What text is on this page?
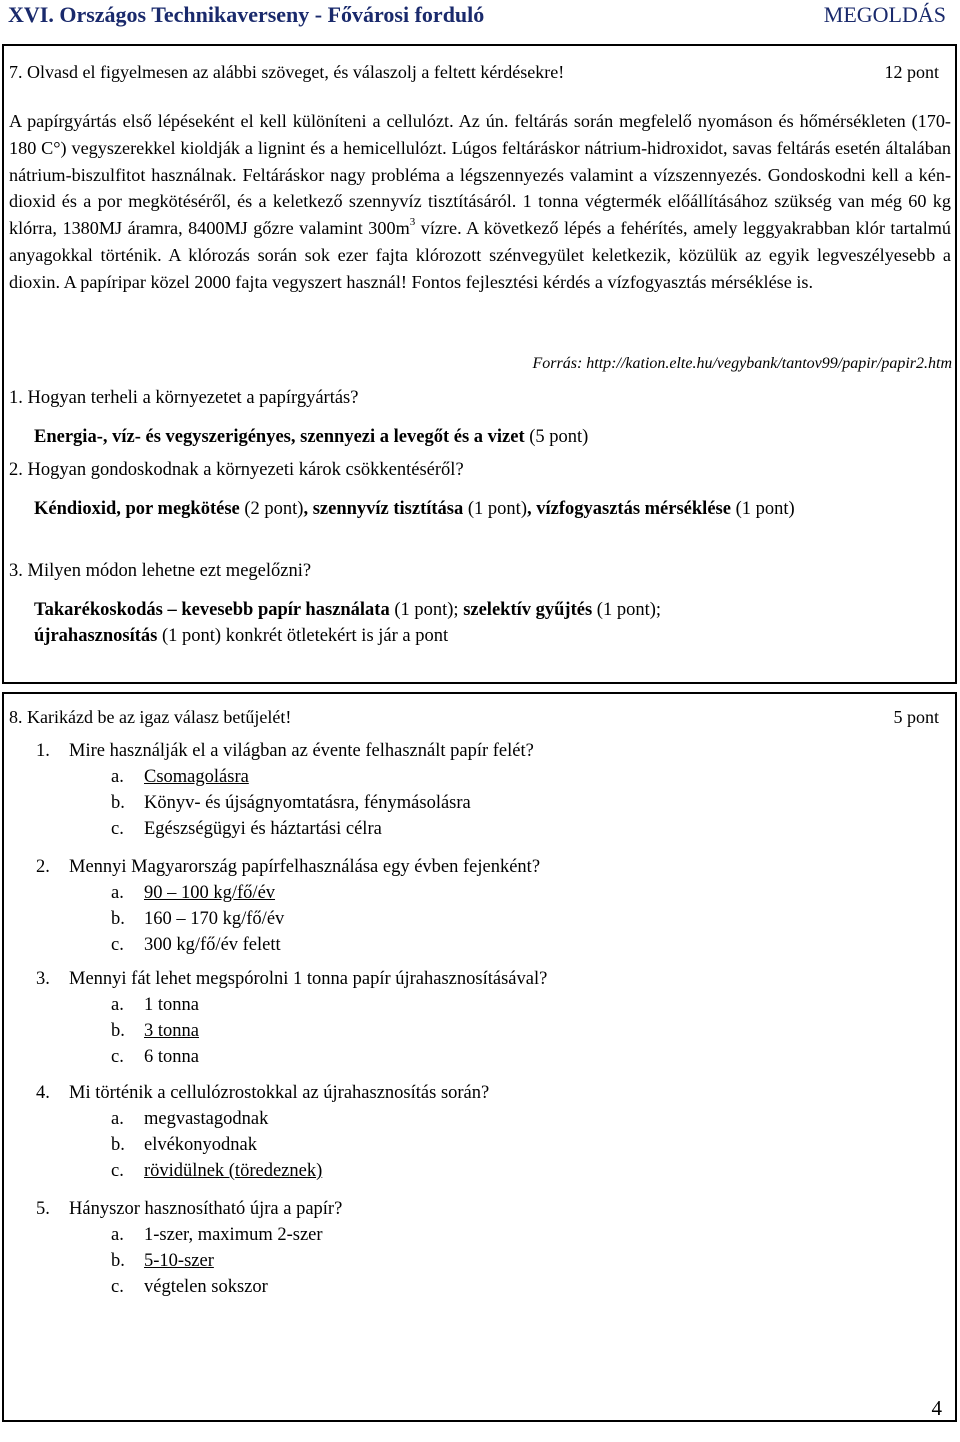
XVI. Országos Technikaverseny - Fővárosi forduló	MEGOLDÁS
7. Olvasd el figyelmesen az alábbi szöveget, és válaszolj a feltett kérdésekre!	12 pont
A papírgyártás első lépéseként el kell különíteni a cellulózt. Az ún. feltárás során megfelelő nyomáson és hőmérsékleten (170-180 C°) vegyszerekkel kioldják a lignint és a hemicellulózt. Lúgos feltáráskor nátrium-hidroxidot, savas feltárás esetén általában nátrium-biszulfitot használnak. Feltáráskor nagy probléma a légszennyezés valamint a vízszennyezés. Gondoskodni kell a kén-dioxid és a por megkötéséről, és a keletkező szennyvíz tisztításáról. 1 tonna végtermék előállításához szükség van még 60 kg klórra, 1380MJ áramra, 8400MJ gőzre valamint $300m^3$ vízre. A következő lépés a fehérítés, amely leggyakrabban klór tartalmú anyagokkal történik. A klórozás során sok ezer fajta klórozott szénvegyület keletkezik, közülük az egyik legveszélyesebb a dioxin. A papíripar közel 2000 fajta vegyszert használ! Fontos fejlesztési kérdés a vízfogyasztás mérséklése is.
Forrás: http://kation.elte.hu/vegybank/tantov99/papir/papir2.htm
1. Hogyan terheli a környezetet a papírgyártás?
Energia-, víz- és vegyszerigényes, szennyezi a levegőt és a vizet (5 pont)
2. Hogyan gondoskodnak a környezeti károk csökkentéséről?
Kéndioxid, por megkötése (2 pont), szennyvíz tisztítása (1 pont), vízfogyasztás mérséklése (1 pont)
3. Milyen módon lehetne ezt megelőzni?
Takarékoskodás – kevesebb papír használata (1 pont); szelektív gyűjtés (1 pont);
újrahasznosítás (1 pont) konkrét ötletekért is jár a pont
8. Karikázd be az igaz válasz betűjelét!	5 pont
1. Mire használják el a világban az évente felhasznált papír felét?
a. Csomagolásra
b. Könyv- és újságnyomtatásra, fénymásolásra
c. Egészségügyi és háztartási célra
2. Mennyi Magyarország papírfelhasználása egy évben fejenként?
a. 90 – 100 kg/fő/év
b. 160 – 170 kg/fő/év
c. 300 kg/fő/év felett
3. Mennyi fát lehet megspórolni 1 tonna papír újrahasznosításával?
a. 1 tonna
b. 3 tonna
c. 6 tonna
4. Mi történik a cellulózrostokkal az újrahasznosítás során?
a. megvastagodnak
b. elvékonyodnak
c. rövidülnek (töredeznek)
5. Hányszor hasznosítható újra a papír?
a. 1-szer, maximum 2-szer
b. 5-10-szer
c. végtelen sokszor
4
